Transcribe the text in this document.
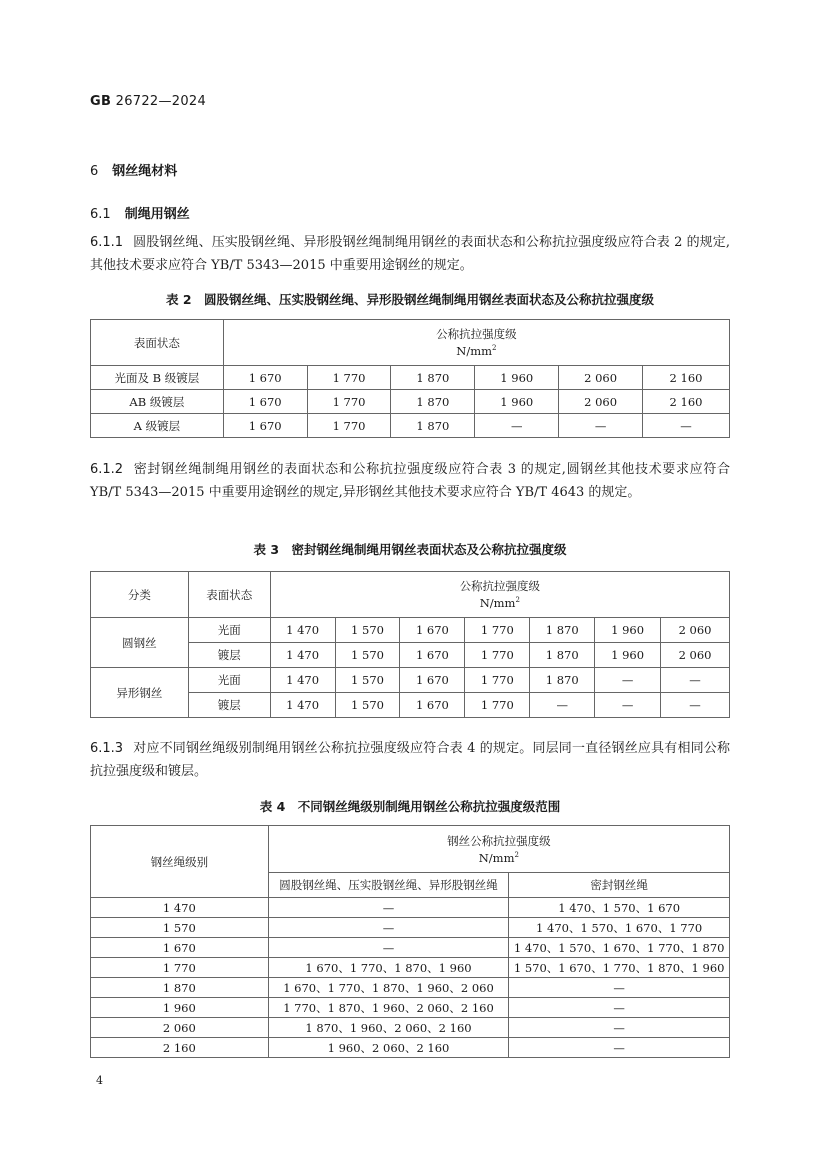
GB 26722—2024
6 钢丝绳材料
6.1 制绳用钢丝
6.1.1 圆股钢丝绳、压实股钢丝绳、异形股钢丝绳制绳用钢丝的表面状态和公称抗拉强度级应符合表 2 的规定,其他技术要求应符合 YB/T 5343—2015 中重要用途钢丝的规定。
表 2　圆股钢丝绳、压实股钢丝绳、异形股钢丝绳制绳用钢丝表面状态及公称抗拉强度级
表面状态	公称抗拉强度级
$N/mm^2$

光面及 B 级镀层	1 670	1 770	1 870	1 960	2 060	2 160
AB 级镀层	1 670	1 770	1 870	1 960	2 060	2 160
A 级镀层	1 670	1 770	1 870	—	—	—
6.1.2 密封钢丝绳制绳用钢丝的表面状态和公称抗拉强度级应符合表 3 的规定,圆钢丝其他技术要求应符合 YB/T 5343—2015 中重要用途钢丝的规定,异形钢丝其他技术要求应符合 YB/T 4643 的规定。
表 3　密封钢丝绳制绳用钢丝表面状态及公称抗拉强度级
分类	表面状态	公称抗拉强度级
$N/mm^2$

圆钢丝	光面	1 470	1 570	1 670	1 770	1 870	1 960	2 060
	镀层	1 470	1 570	1 670	1 770	1 870	1 960	2 060
异形钢丝	光面	1 470	1 570	1 670	1 770	1 870	—	—
	镀层	1 470	1 570	1 670	1 770	—	—	—
6.1.3 对应不同钢丝绳级别制绳用钢丝公称抗拉强度级应符合表 4 的规定。同层同一直径钢丝应具有相同公称抗拉强度级和镀层。
表 4　不同钢丝绳级别制绳用钢丝公称抗拉强度级范围
钢丝绳级别	钢丝公称抗拉强度级
$N/mm^2$

	圆股钢丝绳、压实股钢丝绳、异形股钢丝绳	密封钢丝绳
1 470	—	1 470、1 570、1 670
1 570	—	1 470、1 570、1 670、1 770
1 670	—	1 470、1 570、1 670、1 770、1 870
1 770	1 670、1 770、1 870、1 960	1 570、1 670、1 770、1 870、1 960
1 870	1 670、1 770、1 870、1 960、2 060	—
1 960	1 770、1 870、1 960、2 060、2 160	—
2 060	1 870、1 960、2 060、2 160	—
2 160	1 960、2 060、2 160	—
4
